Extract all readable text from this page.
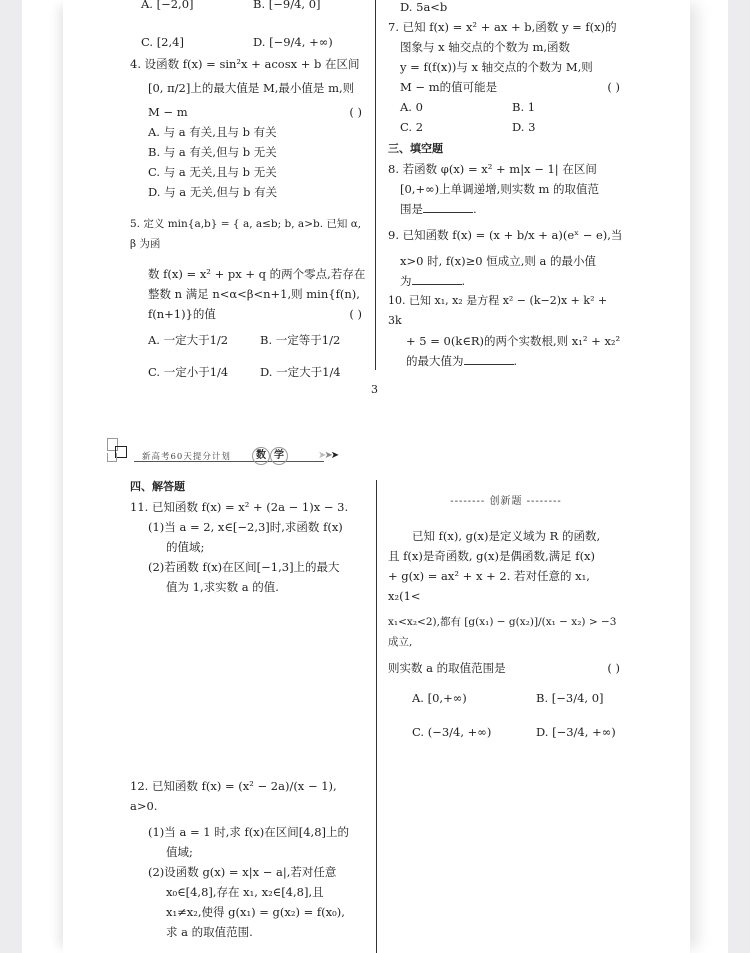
A. [−2,0]	B. [−9/4, 0]
C. [2,4]	D. [−9/4, +∞)

4. 设函数 f(x) = sin²x + acosx + b 在区间

[0, π/2]上的最大值是 M,最小值是 m,则

M − m	( )

A. 与 a 有关,且与 b 有关

B. 与 a 有关,但与 b 无关

C. 与 a 无关,且与 b 无关

D. 与 a 无关,但与 b 有关

5. 定义 min{a,b} = { a, a≤b; b, a>b. 已知 α, β 为函

数 f(x) = x² + px + q 的两个零点,若存在

整数 n 满足 n<α<β<n+1,则 min{f(n),

f(n+1)}的值	( )

A. 一定大于1/2	B. 一定等于1/2
C. 一定小于1/4	D. 一定大于1/4

D. 5a<b

7. 已知 f(x) = x² + ax + b,函数 y = f(x)的

图象与 x 轴交点的个数为 m,函数

y = f(f(x))与 x 轴交点的个数为 M,则

M − m的值可能是	( )

A. 0	B. 1
C. 2	D. 3

三、填空题

8. 若函数 φ(x) = x² + m|x − 1| 在区间

[0,+∞)上单调递增,则实数 m 的取值范

围是	.

9. 已知函数 f(x) = (x + b/x + a)(eˣ − e),当

x>0 时, f(x)≥0 恒成立,则 a 的最小值

为	.

10. 已知 x₁, x₂ 是方程 x² − (k−2)x + k² + 3k

+ 5 = 0(k∈R)的两个实数根,则 x₁² + x₂²

的最大值为	.

3
新高考60天提分计划	数 学	➤➤➤

四、解答题

11. 已知函数 f(x) = x² + (2a − 1)x − 3.

(1)当 a = 2, x∈[−2,3]时,求函数 f(x)

的值域;

(2)若函数 f(x)在区间[−1,3]上的最大

值为 1,求实数 a 的值.

12. 已知函数 f(x) = (x² − 2a)/(x − 1), a>0.

(1)当 a = 1 时,求 f(x)在区间[4,8]上的

值域;

(2)设函数 g(x) = x|x − a|,若对任意

x₀∈[4,8],存在 x₁, x₂∈[4,8],且

x₁≠x₂,使得 g(x₁) = g(x₂) = f(x₀),

求 a 的取值范围.

-------- 创新题 --------

已知 f(x), g(x)是定义域为 R 的函数,

且 f(x)是奇函数, g(x)是偶函数,满足 f(x)

+ g(x) = ax² + x + 2. 若对任意的 x₁, x₂(1<

x₁<x₂<2),都有 [g(x₁) − g(x₂)]/(x₁ − x₂) > −3 成立,

则实数 a 的取值范围是	( )

A. [0,+∞)	B. [−3/4, 0]
C. (−3/4, +∞)	D. [−3/4, +∞)
